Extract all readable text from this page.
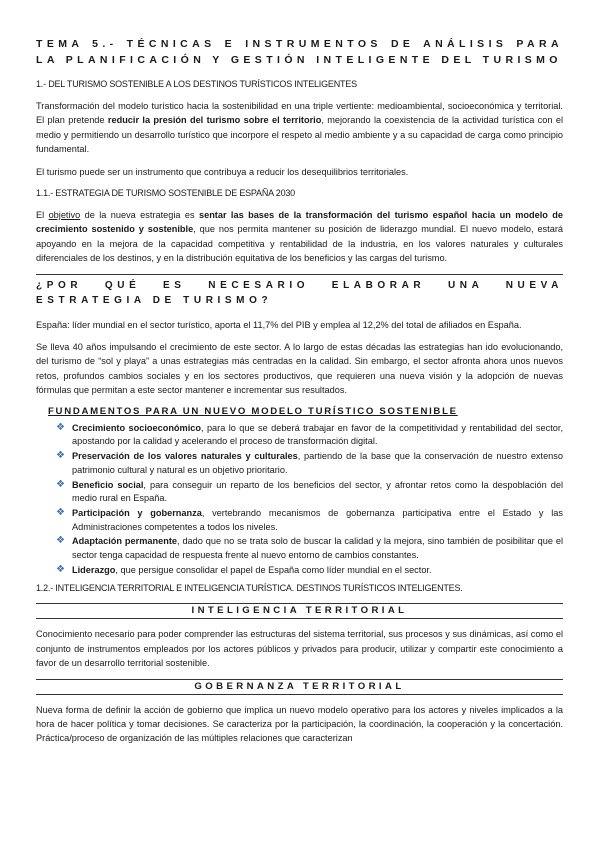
TEMA 5.- TÉCNICAS E INSTRUMENTOS DE ANÁLISIS PARA LA PLANIFICACIÓN Y GESTIÓN INTELIGENTE DEL TURISMO
1.- DEL TURISMO SOSTENIBLE A LOS DESTINOS TURÍSTICOS INTELIGENTES

Transformación del modelo turístico hacia la sostenibilidad en una triple vertiente: medioambiental, socioeconómica y territorial. El plan pretende reducir la presión del turismo sobre el territorio, mejorando la coexistencia de la actividad turística con el medio y permitiendo un desarrollo turístico que incorpore el respeto al medio ambiente y a su capacidad de carga como principio fundamental.

El turismo puede ser un instrumento que contribuya a reducir los desequilibrios territoriales.

1.1.- ESTRATEGIA DE TURISMO SOSTENIBLE DE ESPAÑA 2030

El objetivo de la nueva estrategia es sentar las bases de la transformación del turismo español hacia un modelo de crecimiento sostenido y sostenible, que nos permita mantener su posición de liderazgo mundial. El nuevo modelo, estará apoyando en la mejora de la capacidad competitiva y rentabilidad de la industria, en los valores naturales y culturales diferenciales de los destinos, y en la distribución equitativa de los beneficios y las cargas del turismo.

¿POR QUÉ ES NECESARIO ELABORAR UNA NUEVA ESTRATEGIA DE TURISMO?

España: líder mundial en el sector turístico, aporta el 11,7% del PIB y emplea al 12,2% del total de afiliados en España.

Se lleva 40 años impulsando el crecimiento de este sector. A lo largo de estas décadas las estrategias han ido evolucionando, del turismo de “sol y playa” a unas estrategias más centradas en la calidad. Sin embargo, el sector afronta ahora unos nuevos retos, profundos cambios sociales y en los sectores productivos, que requieren una nueva visión y la adopción de nuevas fórmulas que permitan a este sector mantener e incrementar sus resultados.

FUNDAMENTOS PARA UN NUEVO MODELO TURÍSTICO SOSTENIBLE
❖ Crecimiento socioeconómico, para lo que se deberá trabajar en favor de la competitividad y rentabilidad del sector, apostando por la calidad y acelerando el proceso de transformación digital.
❖ Preservación de los valores naturales y culturales, partiendo de la base que la conservación de nuestro extenso patrimonio cultural y natural es un objetivo prioritario.
❖ Beneficio social, para conseguir un reparto de los beneficios del sector, y afrontar retos como la despoblación del medio rural en España.
❖ Participación y gobernanza, vertebrando mecanismos de gobernanza participativa entre el Estado y las Administraciones competentes a todos los niveles.
❖ Adaptación permanente, dado que no se trata solo de buscar la calidad y la mejora, sino también de posibilitar que el sector tenga capacidad de respuesta frente al nuevo entorno de cambios constantes.
❖ Liderazgo, que persigue consolidar el papel de España como líder mundial en el sector.
1.2.- INTELIGENCIA TERRITORIAL E INTELIGENCIA TURÍSTICA. DESTINOS TURÍSTICOS INTELIGENTES.
INTELIGENCIA TERRITORIAL

Conocimiento necesario para poder comprender las estructuras del sistema territorial, sus procesos y sus dinámicas, así como el conjunto de instrumentos empleados por los actores públicos y privados para producir, utilizar y compartir este conocimiento a favor de un desarrollo territorial sostenible.

GOBERNANZA TERRITORIAL

Nueva forma de definir la acción de gobierno que implica un nuevo modelo operativo para los actores y niveles implicados a la hora de hacer política y tomar decisiones. Se caracteriza por la participación, la coordinación, la cooperación y la concertación. Práctica/proceso de organización de las múltiples relaciones que caracterizan
